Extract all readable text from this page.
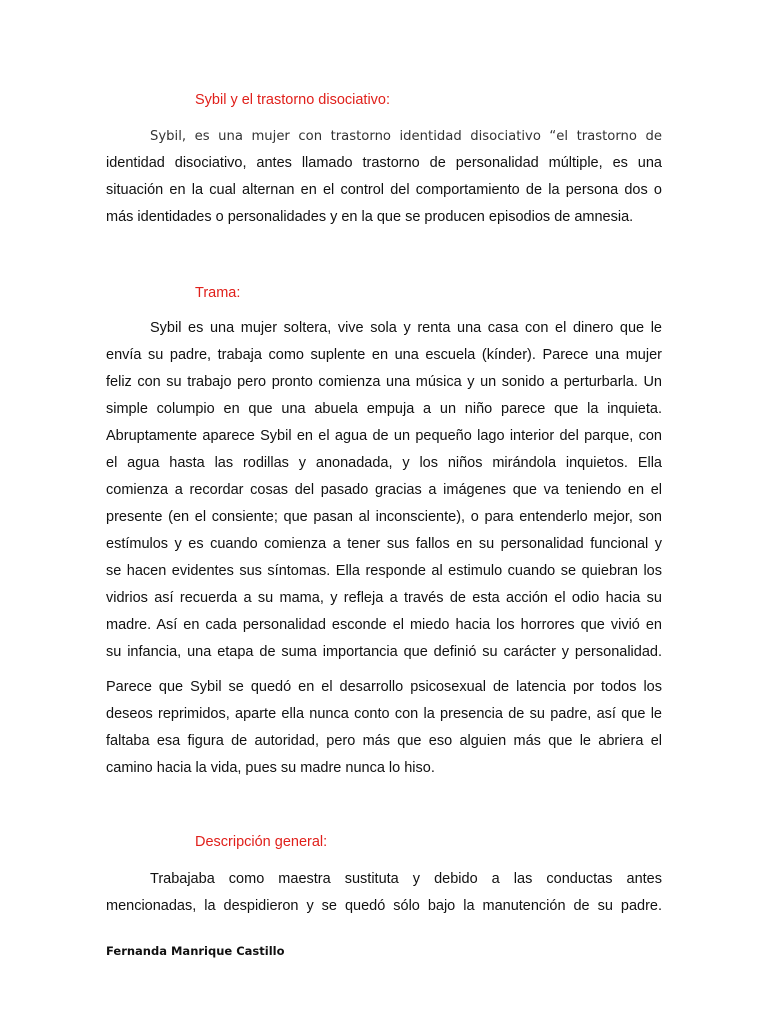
Sybil y el trastorno disociativo:
Sybil, es una mujer con trastorno identidad disociativo “el trastorno de
identidad disociativo, antes llamado trastorno de personalidad múltiple, es una
situación en la cual alternan en el control del comportamiento de la persona dos o
más identidades o personalidades y en la que se producen episodios de amnesia.
Trama:
Sybil es una mujer soltera, vive sola y renta una casa con el dinero que le
envía su padre, trabaja como suplente en una escuela (kínder). Parece una mujer
feliz con su trabajo pero pronto comienza una música y un sonido a perturbarla. Un
simple columpio en que una abuela empuja a un niño parece que la inquieta.
Abruptamente aparece Sybil en el agua de un pequeño lago interior del parque, con
el agua hasta las rodillas y anonadada, y los niños mirándola inquietos. Ella
comienza a recordar cosas del pasado gracias a imágenes que va teniendo en el
presente (en el consiente; que pasan al inconsciente), o para entenderlo mejor, son
estímulos y es cuando comienza a tener sus fallos en su personalidad funcional y
se hacen evidentes sus síntomas. Ella responde al estimulo cuando se quiebran los
vidrios así recuerda a su mama, y refleja a través de esta acción el odio hacia su
madre. Así en cada personalidad esconde el miedo hacia los horrores que vivió en
su infancia, una etapa de suma importancia que definió su carácter y personalidad.
Parece que Sybil se quedó en el desarrollo psicosexual de latencia por todos los
deseos reprimidos, aparte ella nunca conto con la presencia de su padre, así que le
faltaba esa figura de autoridad, pero más que eso alguien más que le abriera el
camino hacia la vida, pues su madre nunca lo hiso.
Descripción general:
Trabajaba como maestra sustituta y debido a las conductas antes
mencionadas, la despidieron y se quedó sólo bajo la manutención de su padre.
Fernanda Manrique Castillo
